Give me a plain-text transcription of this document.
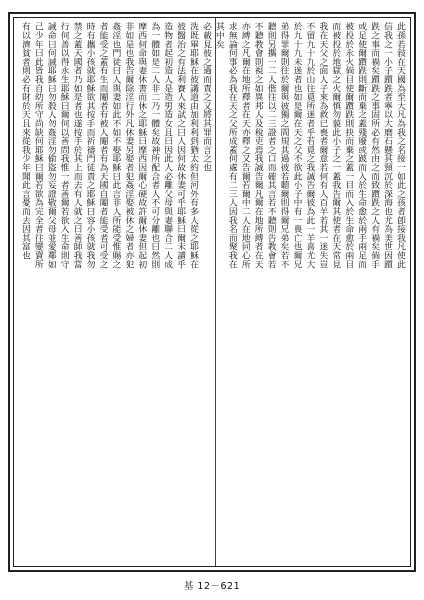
此孫若敍在天國為至大凡為我之名接一如此之孩者卽接我凡使此
信我之一小子躓跌者寧以大磨石懸其頸沉於深海也尤為美世因躓
跌之事而禍矣躓跌之事固所必有然由之而致躓跌之人有禍矣倘手
或足使爾躓跌則斷而棄之蓋殘廢或跛而入於生命愈於兩手兩足而
被投於永火倘目使爾躓跌則抉而棄之蓋一目而入於生命愈於兩目
而被投於地獄之火爾慎勿藐此小子之一蓋我告爾其使者在天常見
我在天父之面人子來為救已喪者爾意若何有人百羊若其一迷失豈
不留九十九於山往覓所迷者乎若覓之我誠告爾彼為此一羊喜尤大
於九十九未迷者也如是爾在天之父不欲此小子中有一喪亡也爾兄
弟得罪爾則往於爾與彼獨之間規其過彼若聽爾則得爾兄弟矣若不
聽則另攜一二人偕往以二三證者之口而確其言若不聽則告教會若
不聽教會則視之如異邦人及稅吏焉我誠告爾凡爾在地所縛者在天
亦縛之凡爾在地所釋者在天亦釋之又告爾若爾中二人在地同心所
求無論何事必為我在天之父所成蓋何處有二三人因我名而聚我在
其中矣
必載見彼之過而責之又將其罪而言之也
洗既畢耶穌在彼講道由加利利到猶太約但河外有多人從之耶穌在
彼醫治之有法利賽人來試之曰人因何故休妻可乎耶穌曰爾未讀乎
造物者起初造人是造男造女且曰因此人必離父母與妻聯合二人成
為一體如是二人非二乃一體矣故神所配合者人不可分離也曰然則
摩西何命與妻休書而休之耶穌曰摩西因爾心硬故許爾休妻但起初
非如是也我告爾除淫行外凡休妻另娶者犯姦淫娶被休之婦者亦犯
姦淫也門徒曰人與妻如此不如不娶耶穌曰此言非人所能受惟賜之
者能受之蓋有生而閹者有被人閹者有為天國自閹者能受者可受之
時有攜小孩就耶穌欲其按手而祈禱門徒責之耶穌曰容小孩就我勿
禁之蓋天國者乃如是者也遂按手於其上而去有人就之曰善師我當
行何善以得永生耶穌曰爾何以善問我惟一者善爾若欲入生命則守
誡命曰何誡耶穌曰勿殺人勿姦淫勿偷盜勿妄證敬爾父母並愛鄰如
己少年曰此皆我自幼所守尚缺何耶穌曰爾若欲為完全者往變賣所
有以濟貧者則必有財於天且來從我少年聞此言憂而去因其富也
基 12－621
